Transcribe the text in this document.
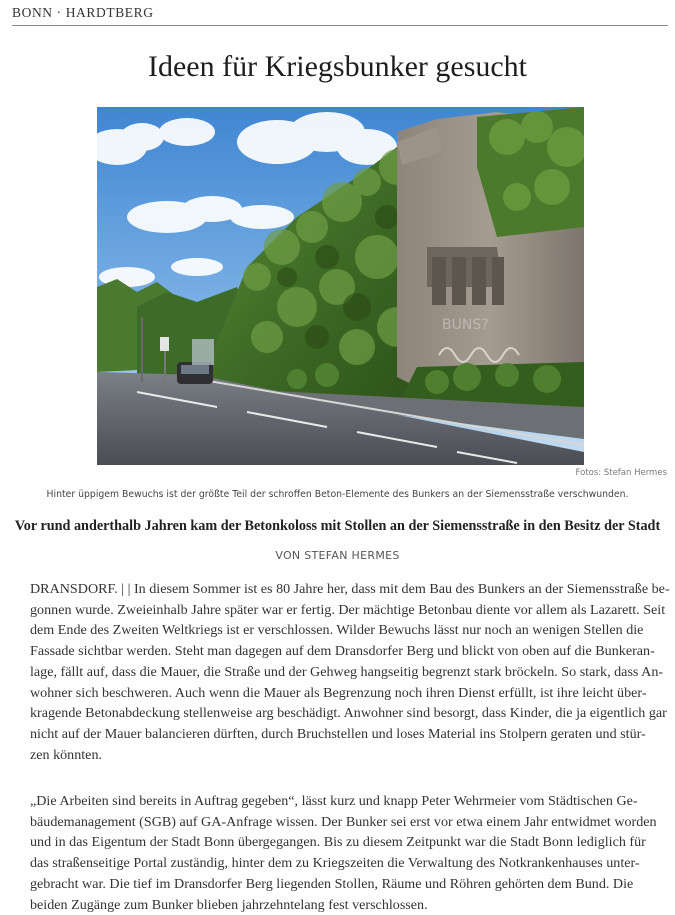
BONN · HARDTBERG
Ideen für Kriegsbunker gesucht
BUNS?
Fotos: Stefan Hermes
Hinter üppigem Bewuchs ist der größte Teil der schroffen Beton-Elemente des Bunkers an der Siemensstraße verschwunden.
Vor rund anderthalb Jahren kam der Betonkoloss mit Stollen an der Siemensstraße in den Besitz der Stadt
VON STEFAN HERMES
DRANSDORF. | | In diesem Sommer ist es 80 Jahre her, dass mit dem Bau des Bunkers an der Siemensstraße be-
gonnen wurde. Zweieinhalb Jahre später war er fertig. Der mächtige Betonbau diente vor allem als Lazarett. Seit
dem Ende des Zweiten Weltkriegs ist er verschlossen. Wilder Bewuchs lässt nur noch an wenigen Stellen die
Fassade sichtbar werden. Steht man dagegen auf dem Dransdorfer Berg und blickt von oben auf die Bunkeran-
lage, fällt auf, dass die Mauer, die Straße und der Gehweg hangseitig begrenzt stark bröckeln. So stark, dass An-
wohner sich beschweren. Auch wenn die Mauer als Begrenzung noch ihren Dienst erfüllt, ist ihre leicht über-
kragende Betonabdeckung stellenweise arg beschädigt. Anwohner sind besorgt, dass Kinder, die ja eigentlich gar
nicht auf der Mauer balancieren dürften, durch Bruchstellen und loses Material ins Stolpern geraten und stür-
zen könnten.
„Die Arbeiten sind bereits in Auftrag gegeben“, lässt kurz und knapp Peter Wehrmeier vom Städtischen Ge-
bäudemanagement (SGB) auf GA-Anfrage wissen. Der Bunker sei erst vor etwa einem Jahr entwidmet worden
und in das Eigentum der Stadt Bonn übergegangen. Bis zu diesem Zeitpunkt war die Stadt Bonn lediglich für
das straßenseitige Portal zuständig, hinter dem zu Kriegszeiten die Verwaltung des Notkrankenhauses unter-
gebracht war. Die tief im Dransdorfer Berg liegenden Stollen, Räume und Röhren gehörten dem Bund. Die
beiden Zugänge zum Bunker blieben jahrzehntelang fest verschlossen.
